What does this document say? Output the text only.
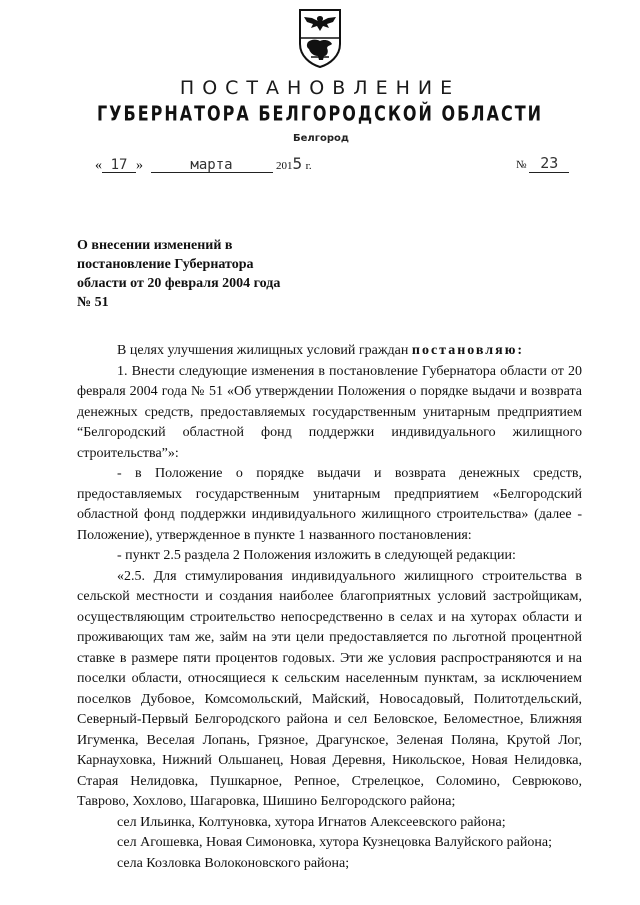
ПОСТАНОВЛЕНИЕ
ГУБЕРНАТОРА БЕЛГОРОДСКОЙ ОБЛАСТИ
Белгород
« 17 »	марта	2015 г.	№ 23
О внесении изменений в постановление Губернатора области от 20 февраля 2004 года № 51

В целях улучшения жилищных условий граждан постановляю:

1. Внести следующие изменения в постановление Губернатора области от 20 февраля 2004 года № 51 «Об утверждении Положения о порядке выдачи и возврата денежных средств, предоставляемых государственным унитарным предприятием “Белгородский областной фонд поддержки индивидуального жилищного строительства”»:

- в Положение о порядке выдачи и возврата денежных средств, предоставляемых государственным унитарным предприятием «Белгородский областной фонд поддержки индивидуального жилищного строительства» (далее - Положение), утвержденное в пункте 1 названного постановления:

- пункт 2.5 раздела 2 Положения изложить в следующей редакции:

«2.5. Для стимулирования индивидуального жилищного строительства в сельской местности и создания наиболее благоприятных условий застройщикам, осуществляющим строительство непосредственно в селах и на хуторах области и проживающих там же, займ на эти цели предоставляется по льготной процентной ставке в размере пяти процентов годовых. Эти же условия распространяются и на поселки области, относящиеся к сельским населенным пунктам, за исключением поселков Дубовое, Комсомольский, Майский, Новосадовый, Политотдельский, Северный-Первый Белгородского района и сел Беловское, Беломестное, Ближняя Игуменка, Веселая Лопань, Грязное, Драгунское, Зеленая Поляна, Крутой Лог, Карнауховка, Нижний Ольшанец, Новая Деревня, Никольское, Новая Нелидовка, Старая Нелидовка, Пушкарное, Репное, Стрелецкое, Соломино, Севрюково, Таврово, Хохлово, Шагаровка, Шишино Белгородского района;

сел Ильинка, Колтуновка, хутора Игнатов Алексеевского района;

сел Агошевка, Новая Симоновка, хутора Кузнецовка Валуйского района;

села Козловка Волоконовского района;
